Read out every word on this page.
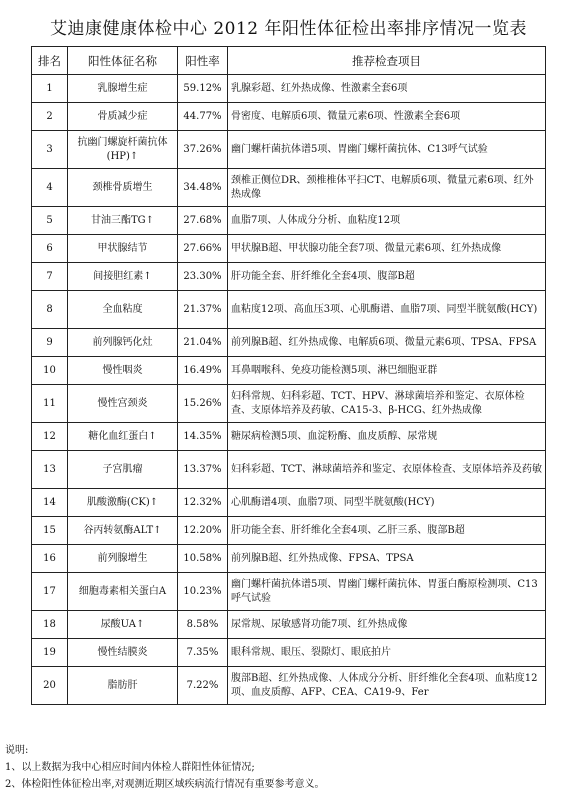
艾迪康健康体检中心 2012 年阳性体征检出率排序情况一览表
排名	阳性体征名称	阳性率	推荐检查项目
1	乳腺增生症	59.12%	乳腺彩超、红外热成像、性激素全套6项
2	骨质减少症	44.77%	骨密度、电解质6项、微量元素6项、性激素全套6项
3	抗幽门螺旋杆菌抗体(HP)↑	37.26%	幽门螺杆菌抗体谱5项、胃幽门螺杆菌抗体、C13呼气试验
4	颈椎骨质增生	34.48%	颈椎正侧位DR、颈椎椎体平扫CT、电解质6项、微量元素6项、红外热成像
5	甘油三酯TG↑	27.68%	血脂7项、人体成分分析、血粘度12项
6	甲状腺结节	27.66%	甲状腺B超、甲状腺功能全套7项、微量元素6项、红外热成像
7	间接胆红素↑	23.30%	肝功能全套、肝纤维化全套4项、腹部B超
8	全血粘度	21.37%	血粘度12项、高血压3项、心肌酶谱、血脂7项、同型半胱氨酸(HCY)
9	前列腺钙化灶	21.04%	前列腺B超、红外热成像、电解质6项、微量元素6项、TPSA、FPSA
10	慢性咽炎	16.49%	耳鼻咽喉科、免疫功能检测5项、淋巴细胞亚群
11	慢性宫颈炎	15.26%	妇科常规、妇科彩超、TCT、HPV、淋球菌培养和鉴定、衣原体检查、支原体培养及药敏、CA15-3、β-HCG、红外热成像
12	糖化血红蛋白↑	14.35%	糖尿病检测5项、血淀粉酶、血皮质醇、尿常规
13	子宫肌瘤	13.37%	妇科彩超、TCT、淋球菌培养和鉴定、衣原体检查、支原体培养及药敏
14	肌酸激酶(CK)↑	12.32%	心肌酶谱4项、血脂7项、同型半胱氨酸(HCY)
15	谷丙转氨酶ALT↑	12.20%	肝功能全套、肝纤维化全套4项、乙肝三系、腹部B超
16	前列腺增生	10.58%	前列腺B超、红外热成像、FPSA、TPSA
17	细胞毒素相关蛋白A	10.23%	幽门螺杆菌抗体谱5项、胃幽门螺杆菌抗体、胃蛋白酶原检测项、C13呼气试验
18	尿酸UA↑	8.58%	尿常规、尿敏感肾功能7项、红外热成像
19	慢性结膜炎	7.35%	眼科常规、眼压、裂隙灯、眼底拍片
20	脂肪肝	7.22%	腹部B超、红外热成像、人体成分分析、肝纤维化全套4项、血粘度12项、血皮质醇、AFP、CEA、CA19-9、Fer
说明:
1、以上数据为我中心相应时间内体检人群阳性体征情况;
2、体检阳性体征检出率,对观测近期区域疾病流行情况有重要参考意义。
